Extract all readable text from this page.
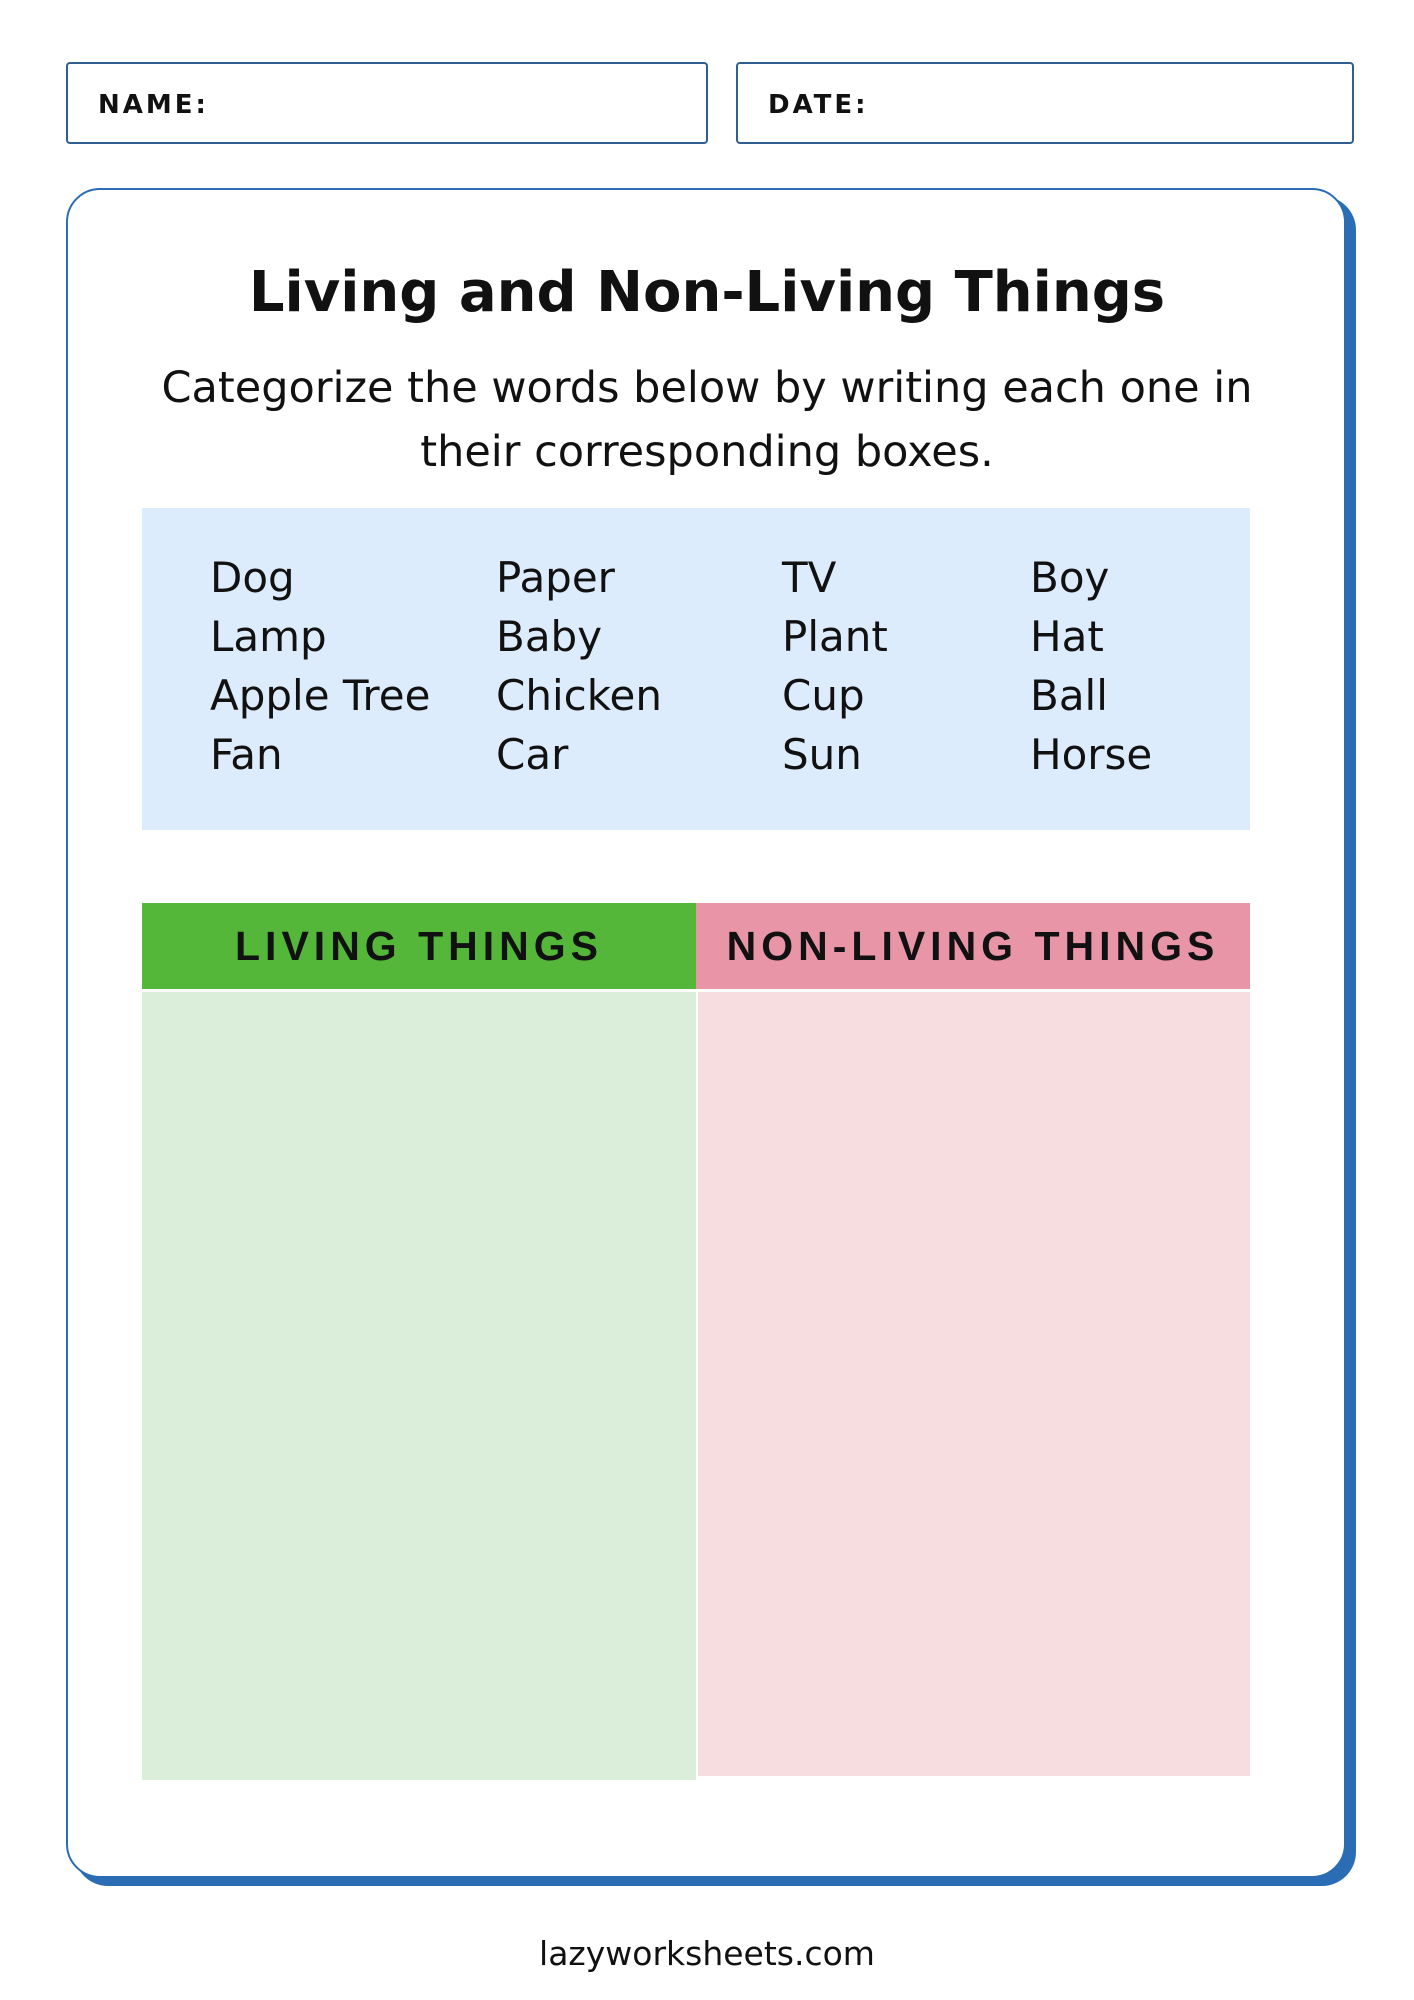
NAME:	DATE:
Living and Non-Living Things
Categorize the words below by writing each one in their corresponding boxes.
Dog
Lamp
Apple Tree
Fan
Paper
Baby
Chicken
Car
TV
Plant
Cup
Sun
Boy
Hat
Ball
Horse
LIVING THINGS	NON-LIVING THINGS
lazyworksheets.com
